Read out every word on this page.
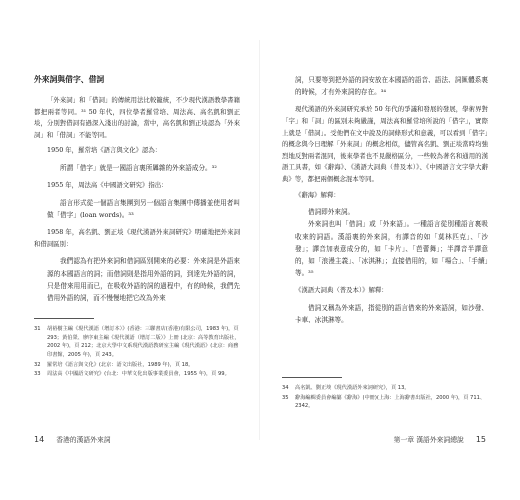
外來詞與借字、借詞

「外來詞」和「借詞」的傳統用法比較籠統，不少現代漢語教學書籍都把兩者等同。³¹ 50 年代，四位學者羅常培、周法高、高名凱和劉正埮，分別對借詞有過深入淺出的討論，當中，高名凱和劉正埮認為「外來詞」和「借詞」不能等同。

1950 年，羅常培《語言與文化》認為：

所謂「借字」就是一國語言裏所羼雜的外來語成分。³²

1955 年，周法高《中國語文研究》指出：

語言形式從一個語言集團到另一個語言集團中傳播並使用者叫做「借字」(loan words)。³³

1958 年，高名凱、劉正埮《現代漢語外來詞研究》明確地把外來詞和借詞區別：

我們認為有把外來詞和借詞區別開來的必要：外來詞是外語來源的本國語言的詞；而借詞則是指用外語的詞，到達先外語的詞，只是借來用用而已，在吸收外語的詞的過程中，有的時候，我們先借用外語的詞，而不慢慢地把它改為外來
31	胡裕樹主編《現代漢語（增訂本）》(香港：三聯書店(香港)有限公司，1983 年)，頁 293；黃伯榮、廖序東主編《現代漢語（增訂二版）》上冊 (北京：高等教育出版社，2002 年)，頁 212；北京大學中文系現代漢語教研室主編《現代漢語》(北京：商務印書館，2005 年)，頁 243。
32	羅常培《語言與文化》(北京：語文出版社，1989 年)，頁 18。
33	周法高《中國語文研究》(台北：中華文化出版事業委員會，1955 年)，頁 99。
14 香港的漢語外來詞
詞，只要等到把外語的詞安放在本國語的語音、語法、詞匯體系裏的時候，才有外來詞的存在。³⁴

現代漢語的外來詞研究承於 50 年代的爭議和發展的發展，學術界對「字」和「詞」的區別未夠嚴謹，周法高和羅常培所說的「借字」，實際上就是「借詞」。受他們在文中說及的詞條形式和意義，可以看到「借字」的概念與今日理解「外來詞」的概念相似，儘管高名凱、劉正埮當時均強烈地反對兩者混同，後來學者也不見嚴格區分，一些較為著名和通用的漢語工具書，如《辭海》、《漢語大詞典（普及本）》、《中國語言文字學大辭典》等，都把兩個概念混本等同。

《辭海》解釋：

借詞即外來詞。
外來詞也叫「借詞」或「外來語」。一種語言從別種語言裏吸收來的詞語。漢語裏的外來詞，有譯音的如「莫林匹克」、「沙發」；譯音加表意成分的，如「卡片」、「芭蕾舞」；半譯音半譯意的，如「浪漫主義」、「冰淇淋」；直接借用的，如「場合」、「手續」等。³⁵

《漢語大詞典（普及本）》解釋：

借詞又稱為外來語，指從別的語言借來的外來語詞，如沙發、卡車、冰淇淋等。
34	高名凱、劉正埮《現代漢語外來詞研究》，頁 13。
35	辭海編輯委員會編纂《辭海》(中冊)(上海：上海辭書出版社，2000 年)，頁 711、2342。
第一章 漢語外來詞總說 15
